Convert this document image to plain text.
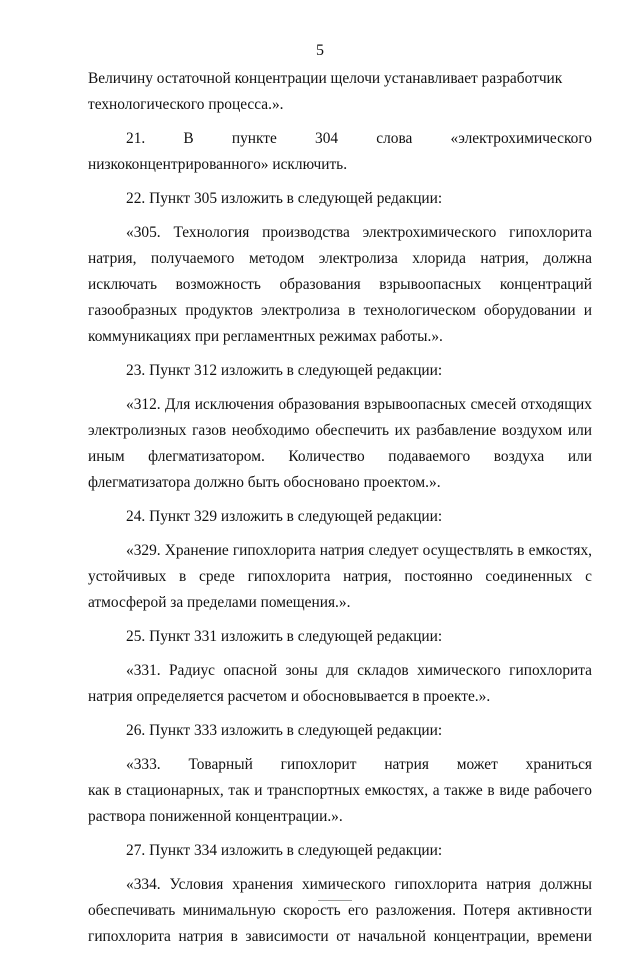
5

Величину остаточной концентрации щелочи устанавливает разработчик
технологического процесса.».

21. В пункте 304 слова «электрохимического
низкоконцентрированного» исключить.

22. Пункт 305 изложить в следующей редакции:

«305. Технология производства электрохимического гипохлорита натрия, получаемого методом электролиза хлорида натрия, должна исключать возможность образования взрывоопасных концентраций газообразных продуктов электролиза в технологическом оборудовании и коммуникациях при регламентных режимах работы.».

23. Пункт 312 изложить в следующей редакции:

«312. Для исключения образования взрывоопасных смесей отходящих электролизных газов необходимо обеспечить их разбавление воздухом или иным флегматизатором. Количество подаваемого воздуха или флегматизатора должно быть обосновано проектом.».

24. Пункт 329 изложить в следующей редакции:

«329. Хранение гипохлорита натрия следует осуществлять в емкостях, устойчивых в среде гипохлорита натрия, постоянно соединенных с атмосферой за пределами помещения.».

25. Пункт 331 изложить в следующей редакции:

«331. Радиус опасной зоны для складов химического гипохлорита натрия определяется расчетом и обосновывается в проекте.».

26. Пункт 333 изложить в следующей редакции:

«333. Товарный гипохлорит натрия может храниться
как в стационарных, так и транспортных емкостях, а также в виде рабочего
раствора пониженной концентрации.».

27. Пункт 334 изложить в следующей редакции:

«334. Условия хранения химического гипохлорита натрия должны обеспечивать минимальную скорость его разложения. Потеря активности гипохлорита натрия в зависимости от начальной концентрации, времени
